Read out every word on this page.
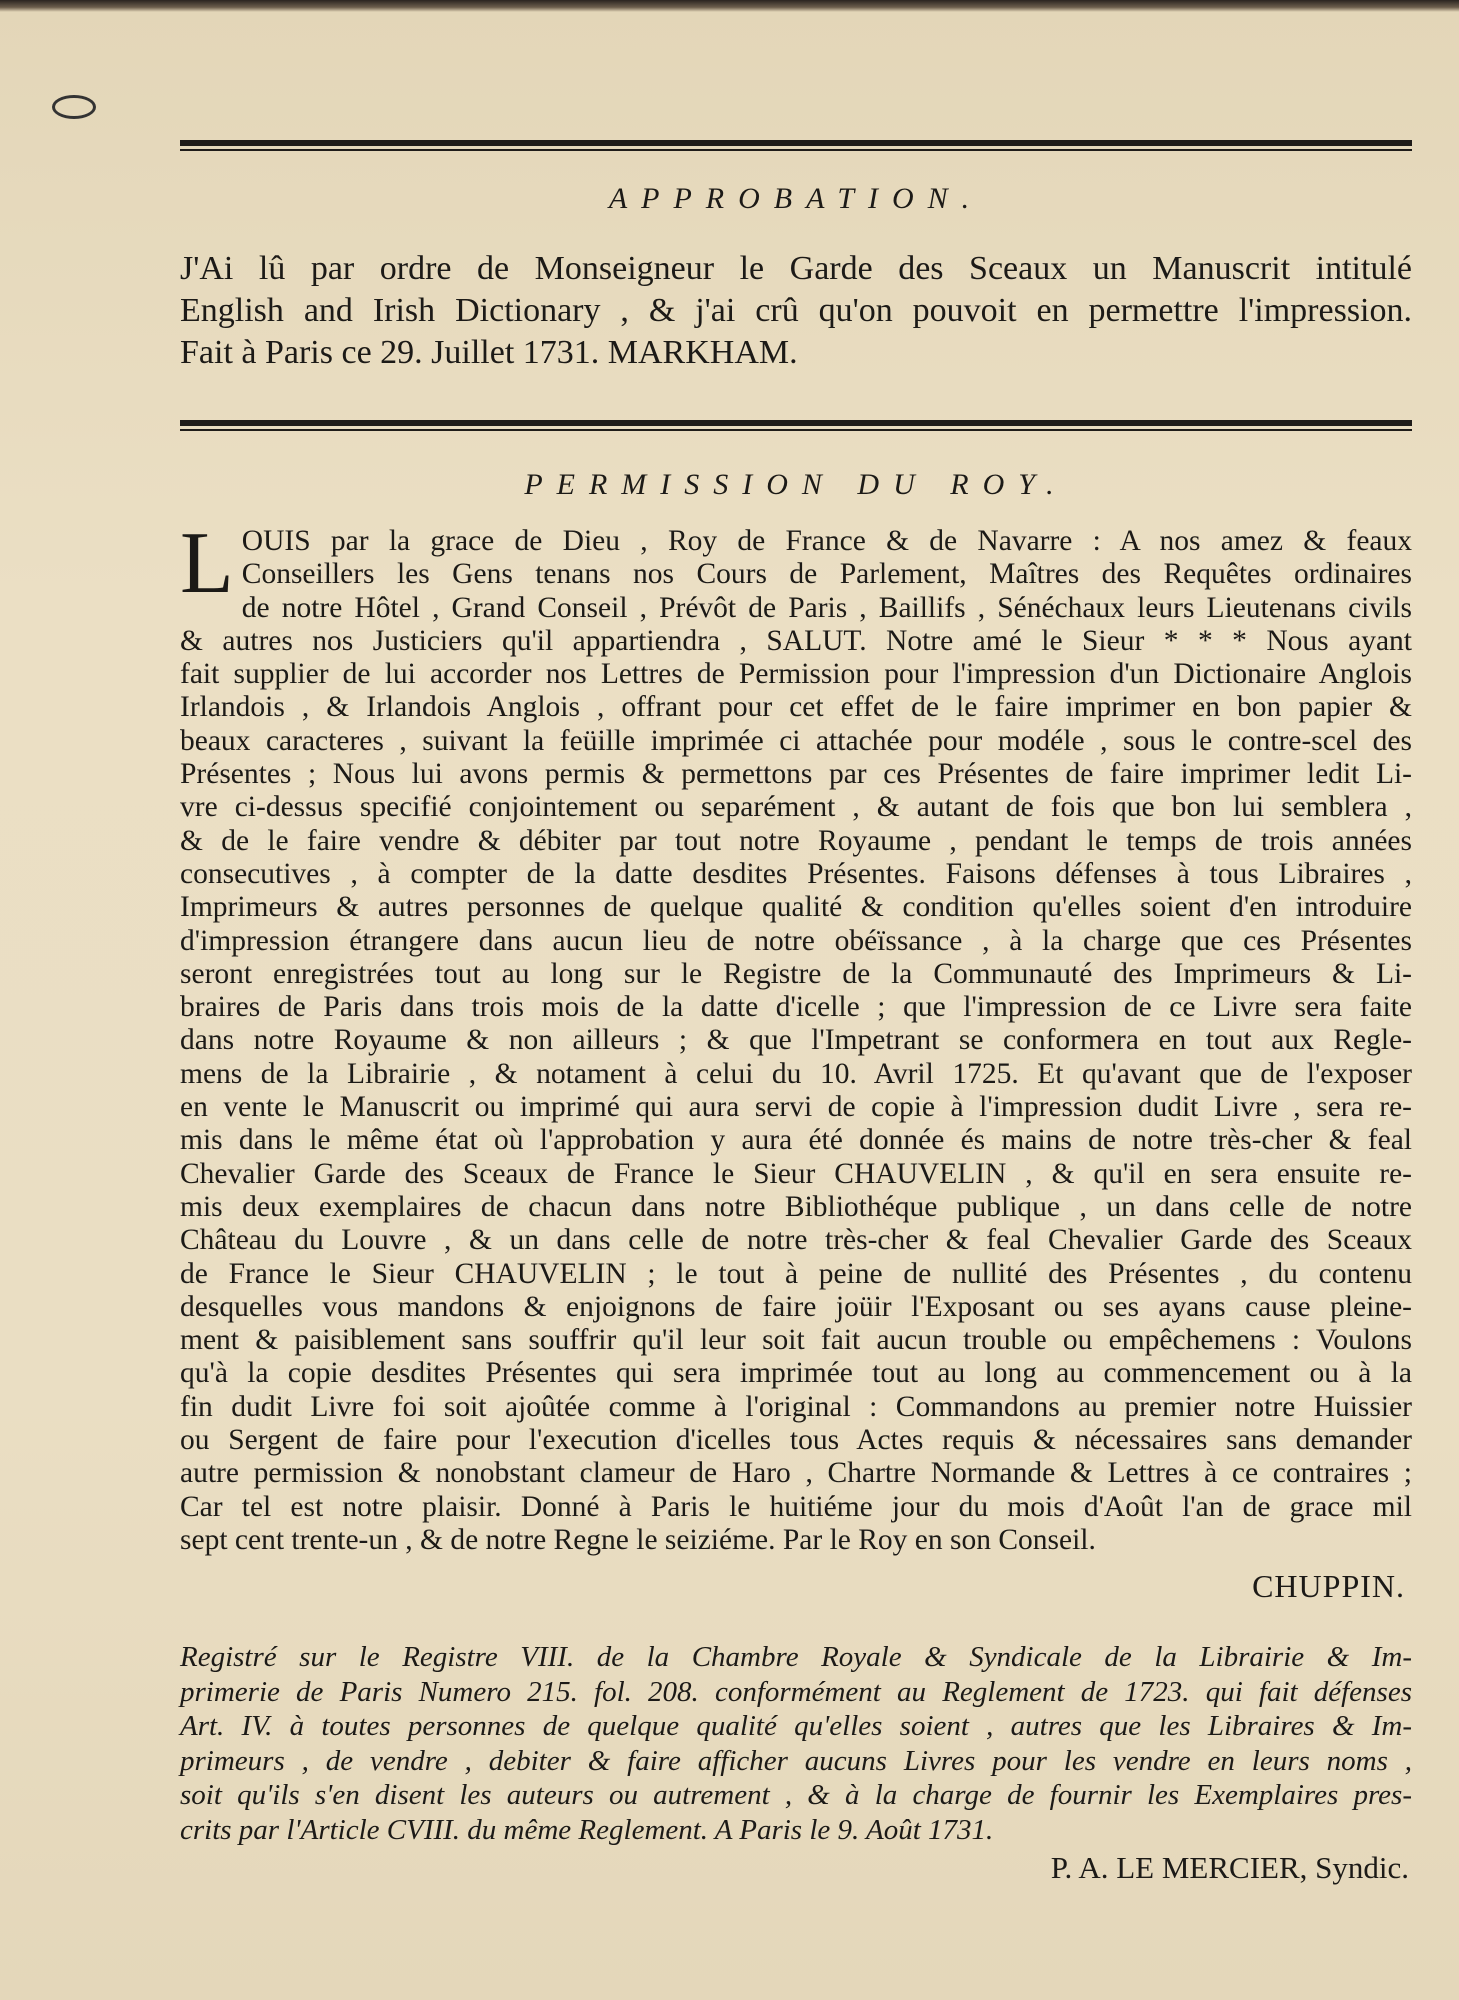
APPROBATION.
J'Ai lû par ordre de Monseigneur le Garde des Sceaux un Manuscrit intitulé
English and Irish Dictionary , & j'ai crû qu'on pouvoit en permettre l'impression.
Fait à Paris ce 29. Juillet 1731. MARKHAM.
PERMISSION DU ROY.
L OUIS par la grace de Dieu , Roy de France & de Navarre : A nos amez & feaux
Conseillers les Gens tenans nos Cours de Parlement, Maîtres des Requêtes ordinaires
de notre Hôtel , Grand Conseil , Prévôt de Paris , Baillifs , Sénéchaux leurs Lieutenans civils
& autres nos Justiciers qu'il appartiendra , SALUT. Notre amé le Sieur * * * Nous ayant
fait supplier de lui accorder nos Lettres de Permission pour l'impression d'un Dictionaire Anglois
Irlandois , & Irlandois Anglois , offrant pour cet effet de le faire imprimer en bon papier &
beaux caracteres , suivant la feüille imprimée ci attachée pour modéle , sous le contre-scel des
Présentes ; Nous lui avons permis & permettons par ces Présentes de faire imprimer ledit Li-
vre ci-dessus specifié conjointement ou separément , & autant de fois que bon lui semblera ,
& de le faire vendre & débiter par tout notre Royaume , pendant le temps de trois années
consecutives , à compter de la datte desdites Présentes. Faisons défenses à tous Libraires ,
Imprimeurs & autres personnes de quelque qualité & condition qu'elles soient d'en introduire
d'impression étrangere dans aucun lieu de notre obéïssance , à la charge que ces Présentes
seront enregistrées tout au long sur le Registre de la Communauté des Imprimeurs & Li-
braires de Paris dans trois mois de la datte d'icelle ; que l'impression de ce Livre sera faite
dans notre Royaume & non ailleurs ; & que l'Impetrant se conformera en tout aux Regle-
mens de la Librairie , & notament à celui du 10. Avril 1725. Et qu'avant que de l'exposer
en vente le Manuscrit ou imprimé qui aura servi de copie à l'impression dudit Livre , sera re-
mis dans le même état où l'approbation y aura été donnée és mains de notre très-cher & feal
Chevalier Garde des Sceaux de France le Sieur CHAUVELIN , & qu'il en sera ensuite re-
mis deux exemplaires de chacun dans notre Bibliothéque publique , un dans celle de notre
Château du Louvre , & un dans celle de notre très-cher & feal Chevalier Garde des Sceaux
de France le Sieur CHAUVELIN ; le tout à peine de nullité des Présentes , du contenu
desquelles vous mandons & enjoignons de faire joüir l'Exposant ou ses ayans cause pleine-
ment & paisiblement sans souffrir qu'il leur soit fait aucun trouble ou empêchemens : Voulons
qu'à la copie desdites Présentes qui sera imprimée tout au long au commencement ou à la
fin dudit Livre foi soit ajoûtée comme à l'original : Commandons au premier notre Huissier
ou Sergent de faire pour l'execution d'icelles tous Actes requis & nécessaires sans demander
autre permission & nonobstant clameur de Haro , Chartre Normande & Lettres à ce contraires ;
Car tel est notre plaisir. Donné à Paris le huitiéme jour du mois d'Août l'an de grace mil
sept cent trente-un , & de notre Regne le seiziéme. Par le Roy en son Conseil.
CHUPPIN.
Registré sur le Registre VIII. de la Chambre Royale & Syndicale de la Librairie & Im-
primerie de Paris Numero 215. fol. 208. conformément au Reglement de 1723. qui fait défenses
Art. IV. à toutes personnes de quelque qualité qu'elles soient , autres que les Libraires & Im-
primeurs , de vendre , debiter & faire afficher aucuns Livres pour les vendre en leurs noms ,
soit qu'ils s'en disent les auteurs ou autrement , & à la charge de fournir les Exemplaires pres-
crits par l'Article CVIII. du même Reglement. A Paris le 9. Août 1731.
P. A. LE MERCIER, Syndic.
